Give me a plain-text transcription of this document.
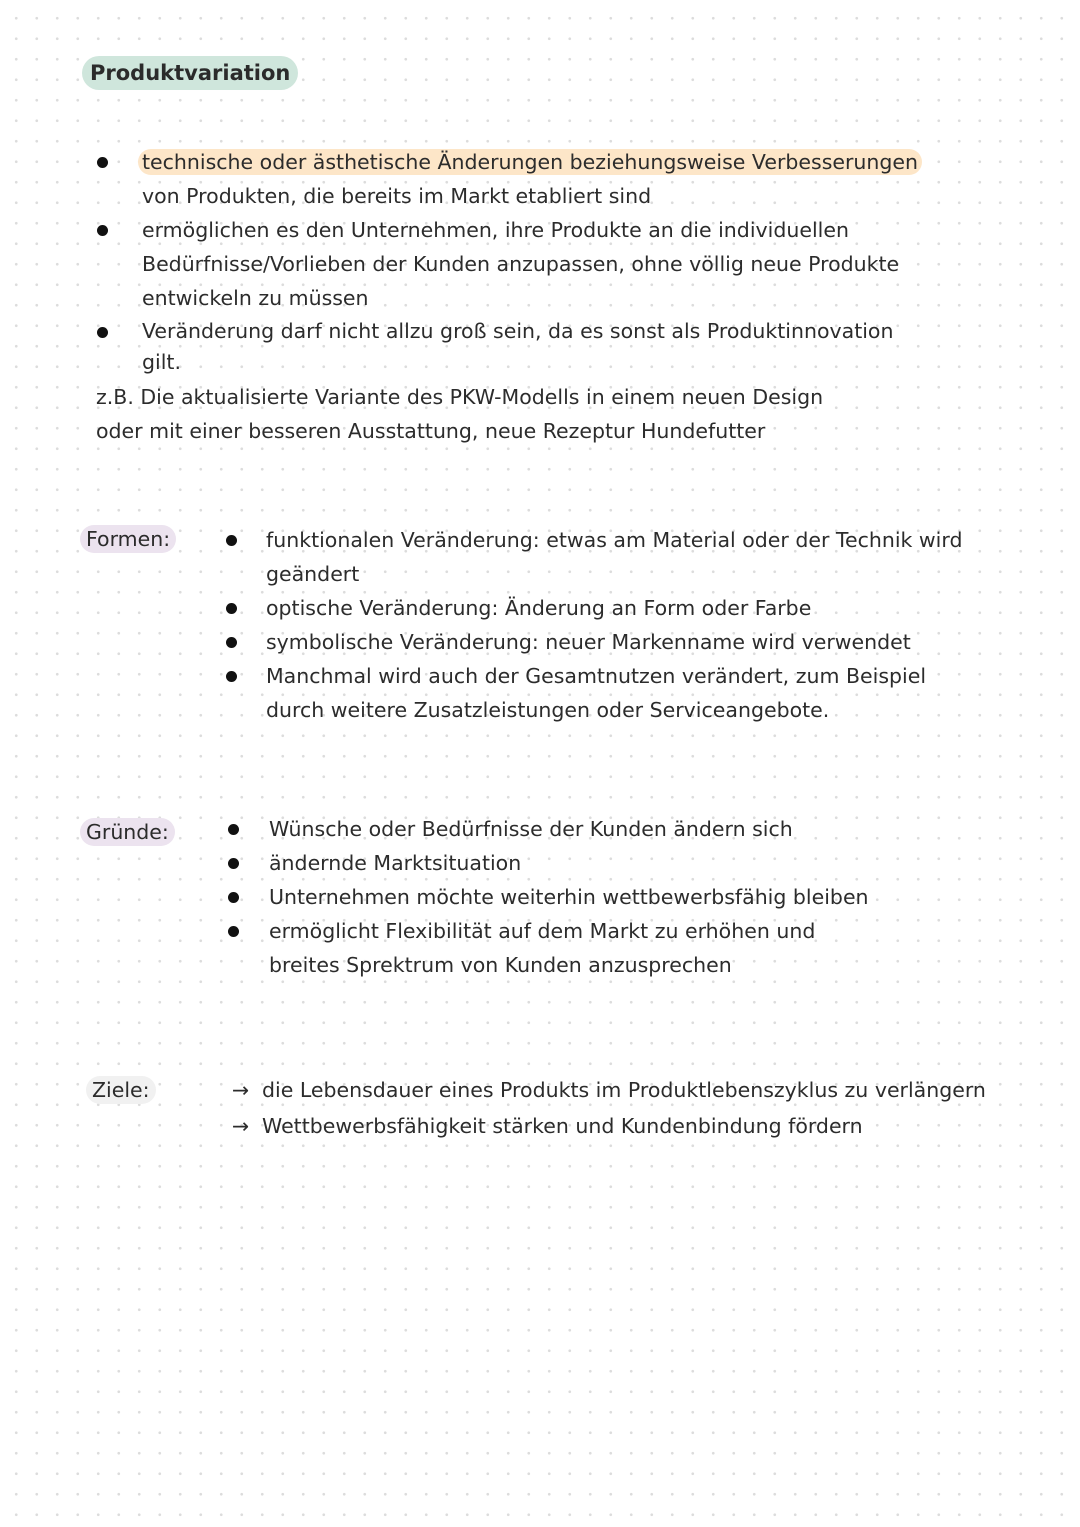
Produktvariation
technische oder ästhetische Änderungen beziehungsweise Verbesserungen
von Produkten, die bereits im Markt etabliert sind
ermöglichen es den Unternehmen, ihre Produkte an die individuellen
Bedürfnisse/Vorlieben der Kunden anzupassen, ohne völlig neue Produkte
entwickeln zu müssen
Veränderung darf nicht allzu groß sein, da es sonst als Produktinnovation
gilt.

z.B. Die aktualisierte Variante des PKW-Modells in einem neuen Design

oder mit einer besseren Ausstattung, neue Rezeptur Hundefutter

Formen:	funktionalen Veränderung: etwas am Material oder der Technik wird
geändert
optische Veränderung: Änderung an Form oder Farbe
symbolische Veränderung: neuer Markenname wird verwendet
Manchmal wird auch der Gesamtnutzen verändert, zum Beispiel
durch weitere Zusatzleistungen oder Serviceangebote.
Gründe:	Wünsche oder Bedürfnisse der Kunden ändern sich
ändernde Marktsituation
Unternehmen möchte weiterhin wettbewerbsfähig bleiben
ermöglicht Flexibilität auf dem Markt zu erhöhen und
breites Sprektrum von Kunden anzusprechen
Ziele:	→ die Lebensdauer eines Produkts im Produktlebenszyklus zu verlängern
→ Wettbewerbsfähigkeit stärken und Kundenbindung fördern
